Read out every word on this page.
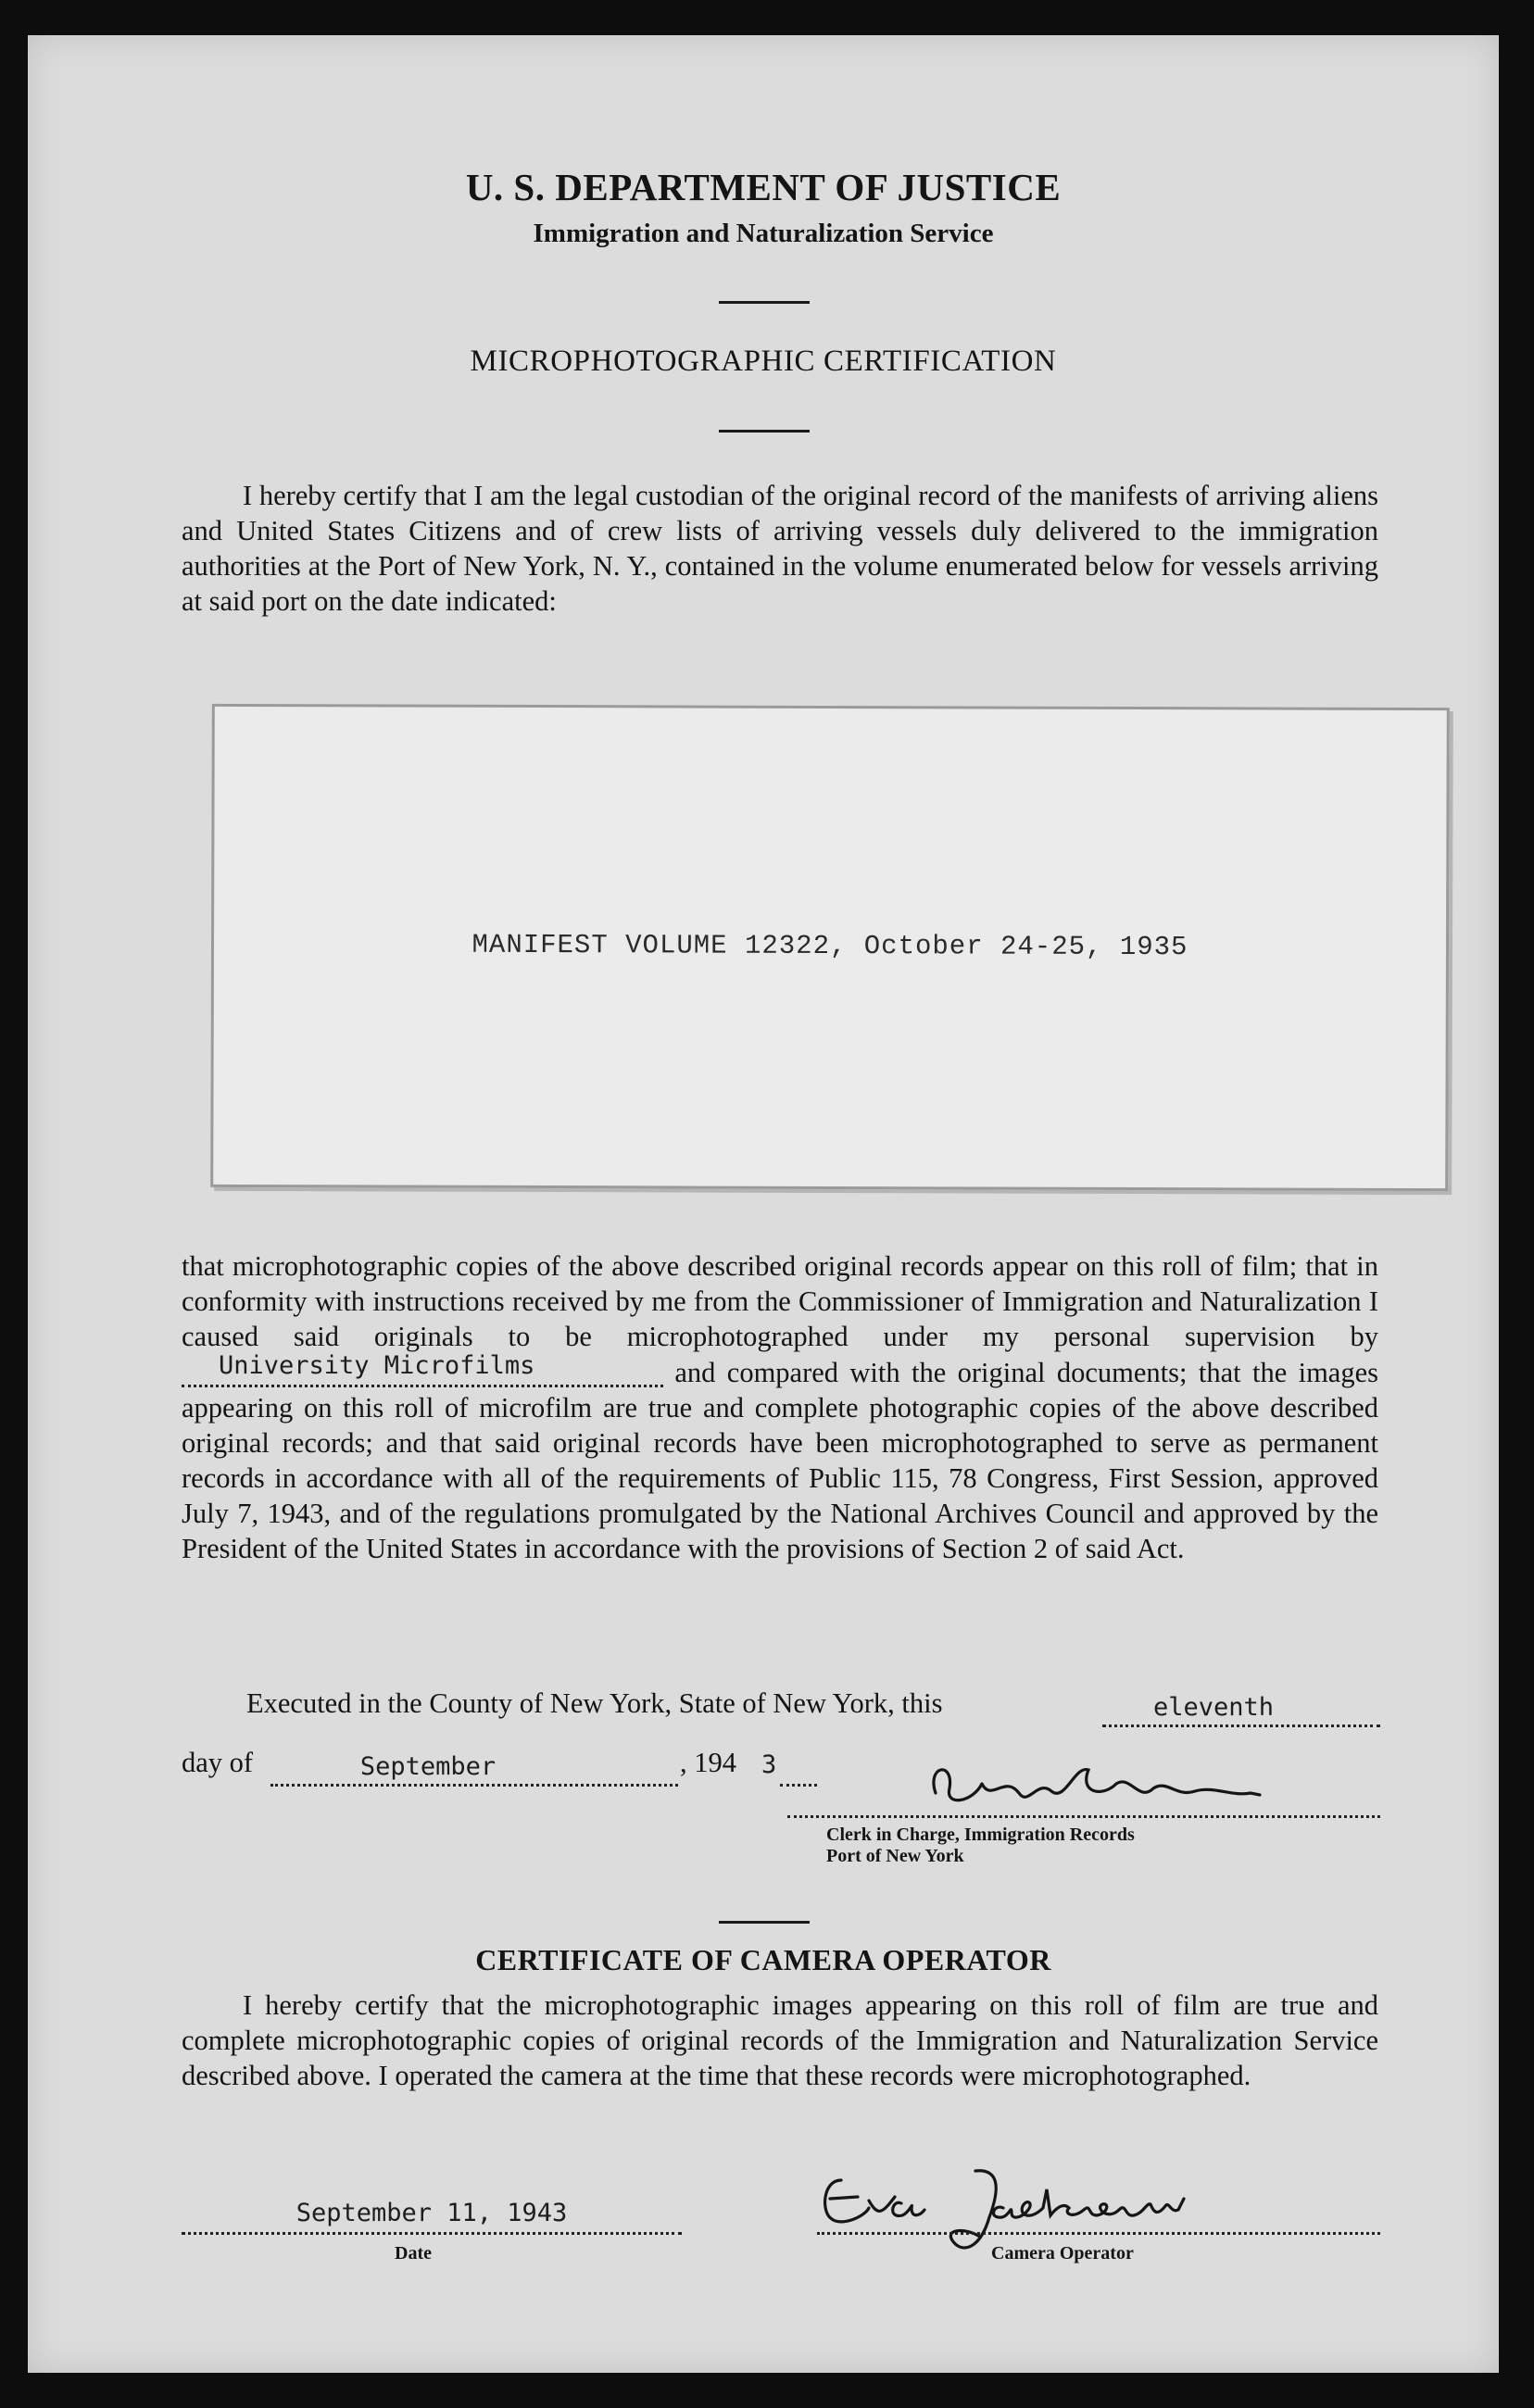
U. S. DEPARTMENT OF JUSTICE
Immigration and Naturalization Service
MICROPHOTOGRAPHIC CERTIFICATION

I hereby certify that I am the legal custodian of the original record of the manifests of arriving aliens and United States Citizens and of crew lists of arriving vessels duly delivered to the immigration authorities at the Port of New York, N. Y., contained in the volume enumerated below for vessels arriving at said port on the date indicated:

MANIFEST VOLUME 12322, October 24-25, 1935
that microphotographic copies of the above described original records appear on this roll of film; that in conformity with instructions received by me from the Commissioner of Immigration and Naturalization I caused said originals to be microphotographed under my personal supervision by
University Microfilms	and compared with the original documents; that the images appearing on this roll of microfilm are true and complete photographic copies of the above described original records; and that said original records have been microphotographed to serve as permanent records in accordance with all of the requirements of Public 115, 78 Congress, First Session, approved July 7, 1943, and of the regulations promulgated by the National Archives Council and approved by the President of the United States in accordance with the provisions of Section 2 of said Act.
Executed in the County of New York, State of New York, this	eleventh
day of	September	, 194 3
Clerk in Charge, Immigration Records
Port of New York
CERTIFICATE OF CAMERA OPERATOR

I hereby certify that the microphotographic images appearing on this roll of film are true and complete microphotographic copies of original records of the Immigration and Naturalization Service described above. I operated the camera at the time that these records were microphotographed.

September 11, 1943
Date	Camera Operator
